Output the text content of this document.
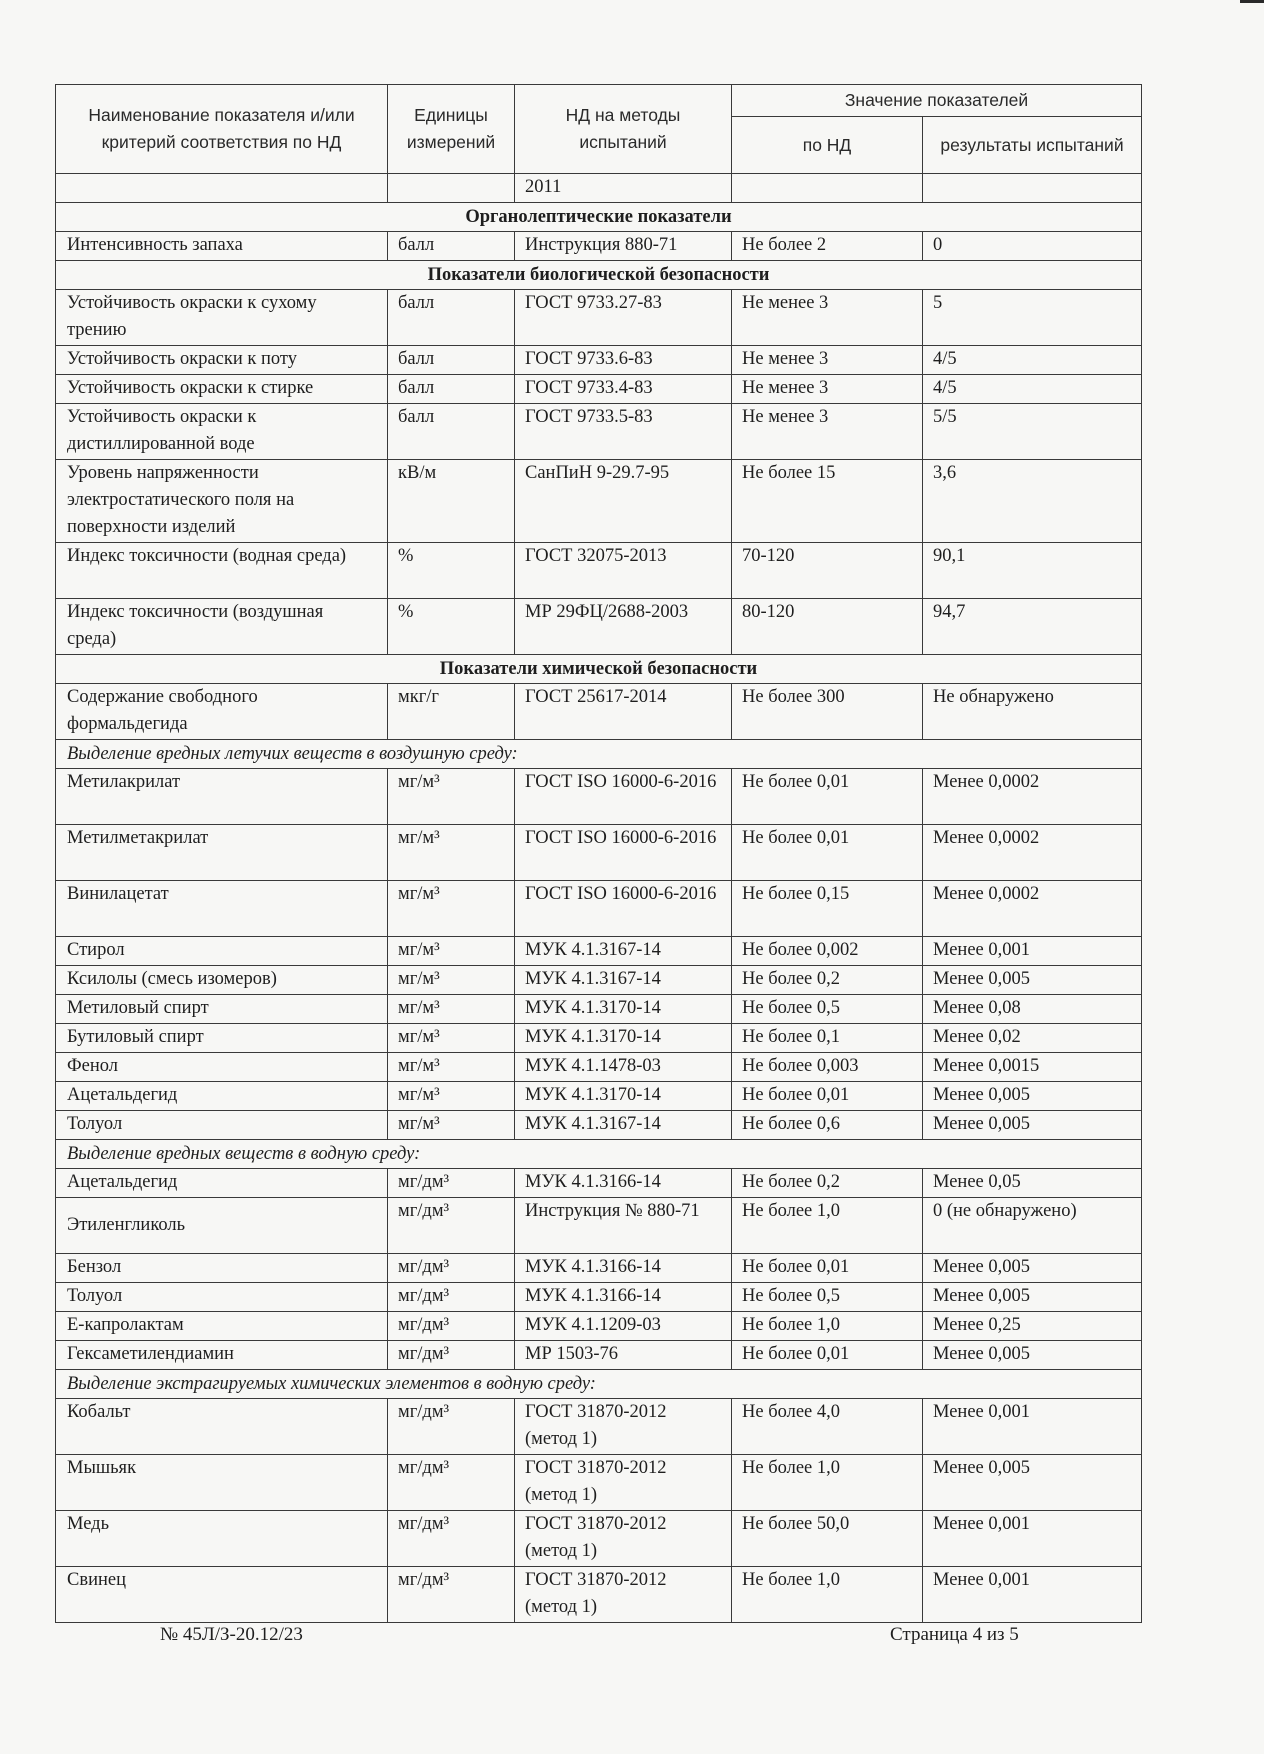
Наименование показателя и/или критерий соответствия по НД	Единицы измерений	НД на методы испытаний	Значение показателей	
			по НД	результаты испытаний
		2011		
Органолептические показатели				
Интенсивность запаха	балл	Инструкция 880-71	Не более 2	0
Показатели биологической безопасности				
Устойчивость окраски к сухому трению	балл	ГОСТ 9733.27-83	Не менее 3	5
Устойчивость окраски к поту	балл	ГОСТ 9733.6-83	Не менее 3	4/5
Устойчивость окраски к стирке	балл	ГОСТ 9733.4-83	Не менее 3	4/5
Устойчивость окраски к дистиллированной воде	балл	ГОСТ 9733.5-83	Не менее 3	5/5
Уровень напряженности электростатического поля на поверхности изделий	кВ/м	СанПиН 9-29.7-95	Не более 15	3,6
Индекс токсичности (водная среда)	%	ГОСТ 32075-2013	70-120	90,1
Индекс токсичности (воздушная среда)	%	МР 29ФЦ/2688-2003	80-120	94,7
Показатели химической безопасности				
Содержание свободного формальдегида	мкг/г	ГОСТ 25617-2014	Не более 300	Не обнаружено
Выделение вредных летучих веществ в воздушную среду:				
Метилакрилат	мг/м³	ГОСТ ISO 16000-6-2016	Не более 0,01	Менее 0,0002
Метилметакрилат	мг/м³	ГОСТ ISO 16000-6-2016	Не более 0,01	Менее 0,0002
Винилацетат	мг/м³	ГОСТ ISO 16000-6-2016	Не более 0,15	Менее 0,0002
Стирол	мг/м³	МУК 4.1.3167-14	Не более 0,002	Менее 0,001
Ксилолы (смесь изомеров)	мг/м³	МУК 4.1.3167-14	Не более 0,2	Менее 0,005
Метиловый спирт	мг/м³	МУК 4.1.3170-14	Не более 0,5	Менее 0,08
Бутиловый спирт	мг/м³	МУК 4.1.3170-14	Не более 0,1	Менее 0,02
Фенол	мг/м³	МУК 4.1.1478-03	Не более 0,003	Менее 0,0015
Ацетальдегид	мг/м³	МУК 4.1.3170-14	Не более 0,01	Менее 0,005
Толуол	мг/м³	МУК 4.1.3167-14	Не более 0,6	Менее 0,005
Выделение вредных веществ в водную среду:				
Ацетальдегид	мг/дм³	МУК 4.1.3166-14	Не более 0,2	Менее 0,05
Этиленгликоль	мг/дм³	Инструкция № 880-71	Не более 1,0	0 (не обнаружено)
Бензол	мг/дм³	МУК 4.1.3166-14	Не более 0,01	Менее 0,005
Толуол	мг/дм³	МУК 4.1.3166-14	Не более 0,5	Менее 0,005
Е-капролактам	мг/дм³	МУК 4.1.1209-03	Не более 1,0	Менее 0,25
Гексаметилендиамин	мг/дм³	МР 1503-76	Не более 0,01	Менее 0,005
Выделение экстрагируемых химических элементов в водную среду:				
Кобальт	мг/дм³	ГОСТ 31870-2012 (метод 1)	Не более 4,0	Менее 0,001
Мышьяк	мг/дм³	ГОСТ 31870-2012 (метод 1)	Не более 1,0	Менее 0,005
Медь	мг/дм³	ГОСТ 31870-2012 (метод 1)	Не более 50,0	Менее 0,001
Свинец	мг/дм³	ГОСТ 31870-2012 (метод 1)	Не более 1,0	Менее 0,001
№ 45Л/З-20.12/23	Страница 4 из 5
